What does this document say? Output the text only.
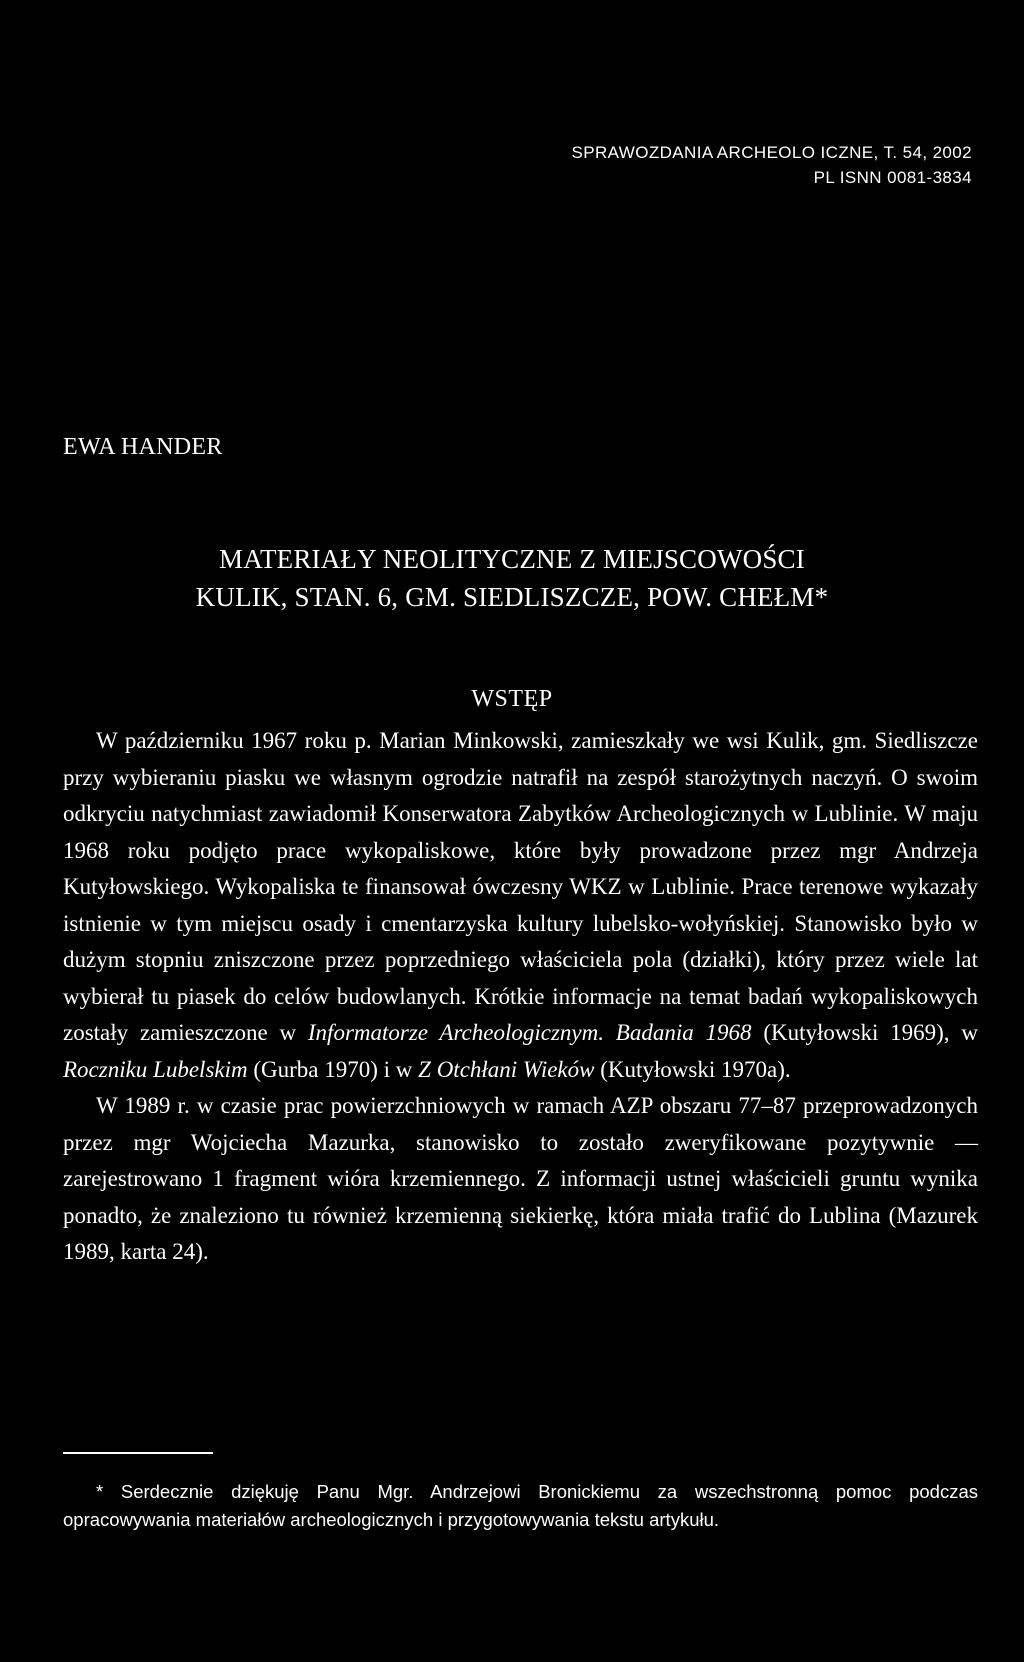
SPRAWOZDANIA ARCHEOLO ICZNE, T. 54, 2002
PL ISNN 0081-3834
EWA HANDER
MATERIAŁY NEOLITYCZNE Z MIEJSCOWOŚCI
KULIK, STAN. 6, GM. SIEDLISZCZE, POW. CHEŁM*
WSTĘP

W październiku 1967 roku p. Marian Minkowski, zamieszkały we wsi Kulik, gm. Siedliszcze przy wybieraniu piasku we własnym ogrodzie natrafił na zespół starożytnych naczyń. O swoim odkryciu natychmiast zawiadomił Konserwatora Zabytków Archeologicznych w Lublinie. W maju 1968 roku podjęto prace wykopaliskowe, które były prowadzone przez mgr Andrzeja Kutyłowskiego. Wykopaliska te finansował ówczesny WKZ w Lublinie. Prace terenowe wykazały istnienie w tym miejscu osady i cmentarzyska kultury lubelsko-wołyńskiej. Stanowisko było w dużym stopniu zniszczone przez poprzedniego właściciela pola (działki), który przez wiele lat wybierał tu piasek do celów budowlanych. Krótkie informacje na temat badań wykopaliskowych zostały zamieszczone w Informatorze Archeologicznym. Badania 1968 (Kutyłowski 1969), w Roczniku Lubelskim (Gurba 1970) i w Z Otchłani Wieków (Kutyłowski 1970a).

W 1989 r. w czasie prac powierzchniowych w ramach AZP obszaru 77–87 przeprowadzonych przez mgr Wojciecha Mazurka, stanowisko to zostało zweryfikowane pozytywnie — zarejestrowano 1 fragment wióra krzemiennego. Z informacji ustnej właścicieli gruntu wynika ponadto, że znaleziono tu również krzemienną siekierkę, która miała trafić do Lublina (Mazurek 1989, karta 24).

* Serdecznie dziękuję Panu Mgr. Andrzejowi Bronickiemu za wszechstronną pomoc podczas opracowywania materiałów archeologicznych i przygotowywania tekstu artykułu.
